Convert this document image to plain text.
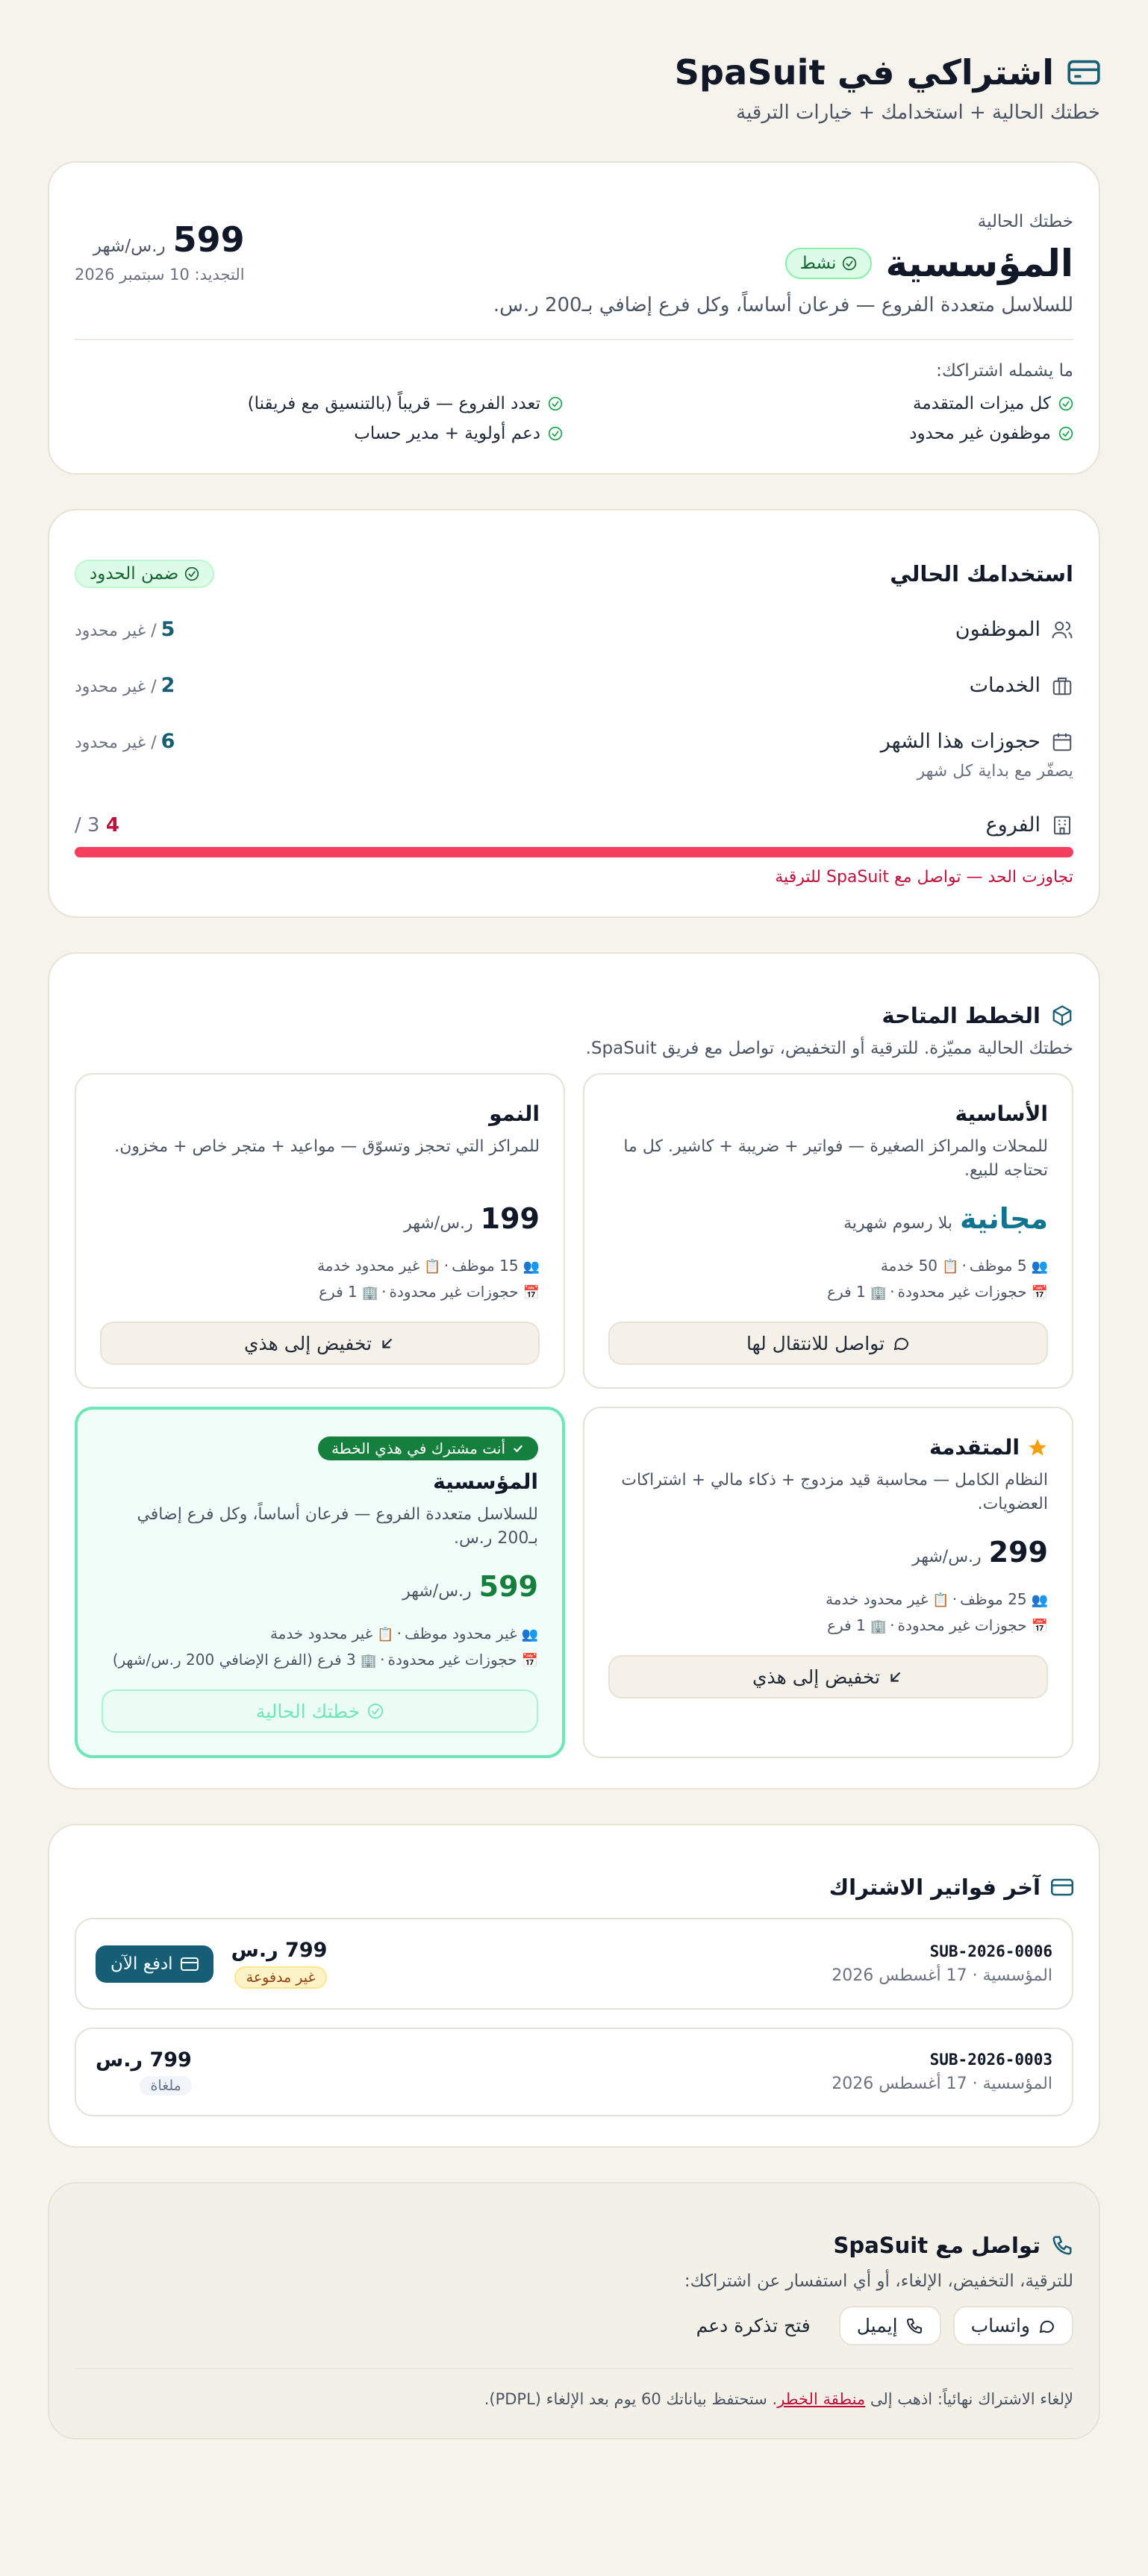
اشتراكي في SpaSuit
خطتك الحالية + استخدامك + خيارات الترقية
خطتك الحالية
المؤسسية
نشط
للسلاسل متعددة الفروع — فرعان أساساً، وكل فرع إضافي بـ200 ر.س.
599
ر.س/شهر
التجديد: 10 سبتمبر 2026
ما يشمله اشتراكك:
كل ميزات المتقدمة
تعدد الفروع — قريباً (بالتنسيق مع فريقنا)
موظفون غير محدود
دعم أولوية + مدير حساب
استخدامك الحالي
ضمن الحدود
الموظفون
5/ غير محدود
الخدمات
2/ غير محدود
حجوزات هذا الشهر
6/ غير محدود
يصفّر مع بداية كل شهر
الفروع
4 3 /
تجاوزت الحد — تواصل مع SpaSuit للترقية
الخطط المتاحة
خطتك الحالية مميّزة. للترقية أو التخفيض، تواصل مع فريق SpaSuit.
الأساسية
للمحلات والمراكز الصغيرة — فواتير + ضريبة + كاشير. كل ما تحتاجه للبيع.
مجانية
بلا رسوم شهرية
👥5 موظف·📋50 خدمة
📅حجوزات غير محدودة·🏢1 فرع
تواصل للانتقال لها
النمو
للمراكز التي تحجز وتسوّق — مواعيد + متجر خاص + مخزون.
199
ر.س/شهر
👥15 موظف·📋غير محدود خدمة
📅حجوزات غير محدودة·🏢1 فرع
تخفيض إلى هذي
المتقدمة
النظام الكامل — محاسبة قيد مزدوج + ذكاء مالي + اشتراكات العضويات.
299
ر.س/شهر
👥25 موظف·📋غير محدود خدمة
📅حجوزات غير محدودة·🏢1 فرع
تخفيض إلى هذي
أنت مشترك في هذي الخطة
المؤسسية
للسلاسل متعددة الفروع — فرعان أساساً، وكل فرع إضافي بـ200 ر.س.
599
ر.س/شهر
👥غير محدود موظف·📋غير محدود خدمة
📅حجوزات غير محدودة·🏢3 فرع (الفرع الإضافي 200 ر.س/شهر)
خطتك الحالية
آخر فواتير الاشتراك
SUB-2026-0006
المؤسسية · 17 أغسطس 2026
799 ر.س
غير مدفوعة
ادفع الآن
SUB-2026-0003
المؤسسية · 17 أغسطس 2026
799 ر.س
ملغاة
تواصل مع SpaSuit
للترقية، التخفيض، الإلغاء، أو أي استفسار عن اشتراكك:
واتساب
إيميل
فتح تذكرة دعم
لإلغاء الاشتراك نهائياً: اذهب إلى منطقة الخطر. ستحتفظ بياناتك 60 يوم بعد الإلغاء (PDPL).
